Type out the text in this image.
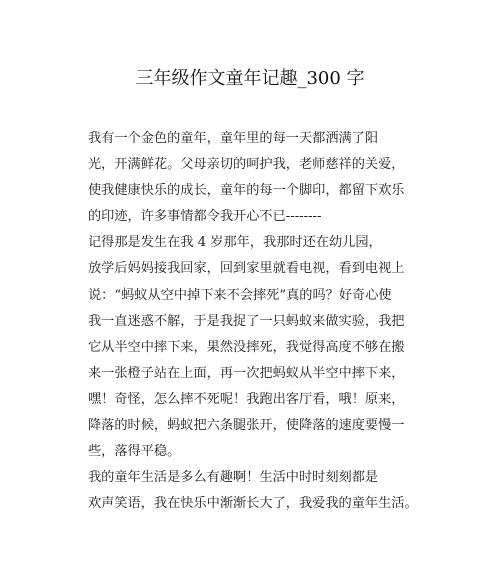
三年级作文童年记趣_300 字
我有一个金色的童年，童年里的每一天都洒满了阳
光，开满鲜花。父母亲切的呵护我，老师慈祥的关爱，
使我健康快乐的成长，童年的每一个脚印，都留下欢乐
的印迹，许多事情都令我开心不已--------
记得那是发生在我 4 岁那年，我那时还在幼儿园，
放学后妈妈接我回家，回到家里就看电视，看到电视上
说：“蚂蚁从空中掉下来不会摔死”真的吗？好奇心使
我一直迷惑不解，于是我捉了一只蚂蚁来做实验，我把
它从半空中摔下来，果然没摔死，我觉得高度不够在搬
来一张橙子站在上面，再一次把蚂蚁从半空中摔下来，
嘿！奇怪，怎么摔不死呢！我跑出客厅看，哦！原来，
降落的时候，蚂蚁把六条腿张开，使降落的速度要慢一
些，落得平稳。
我的童年生活是多么有趣啊！生活中时时刻刻都是
欢声笑语，我在快乐中渐渐长大了，我爱我的童年生活。
